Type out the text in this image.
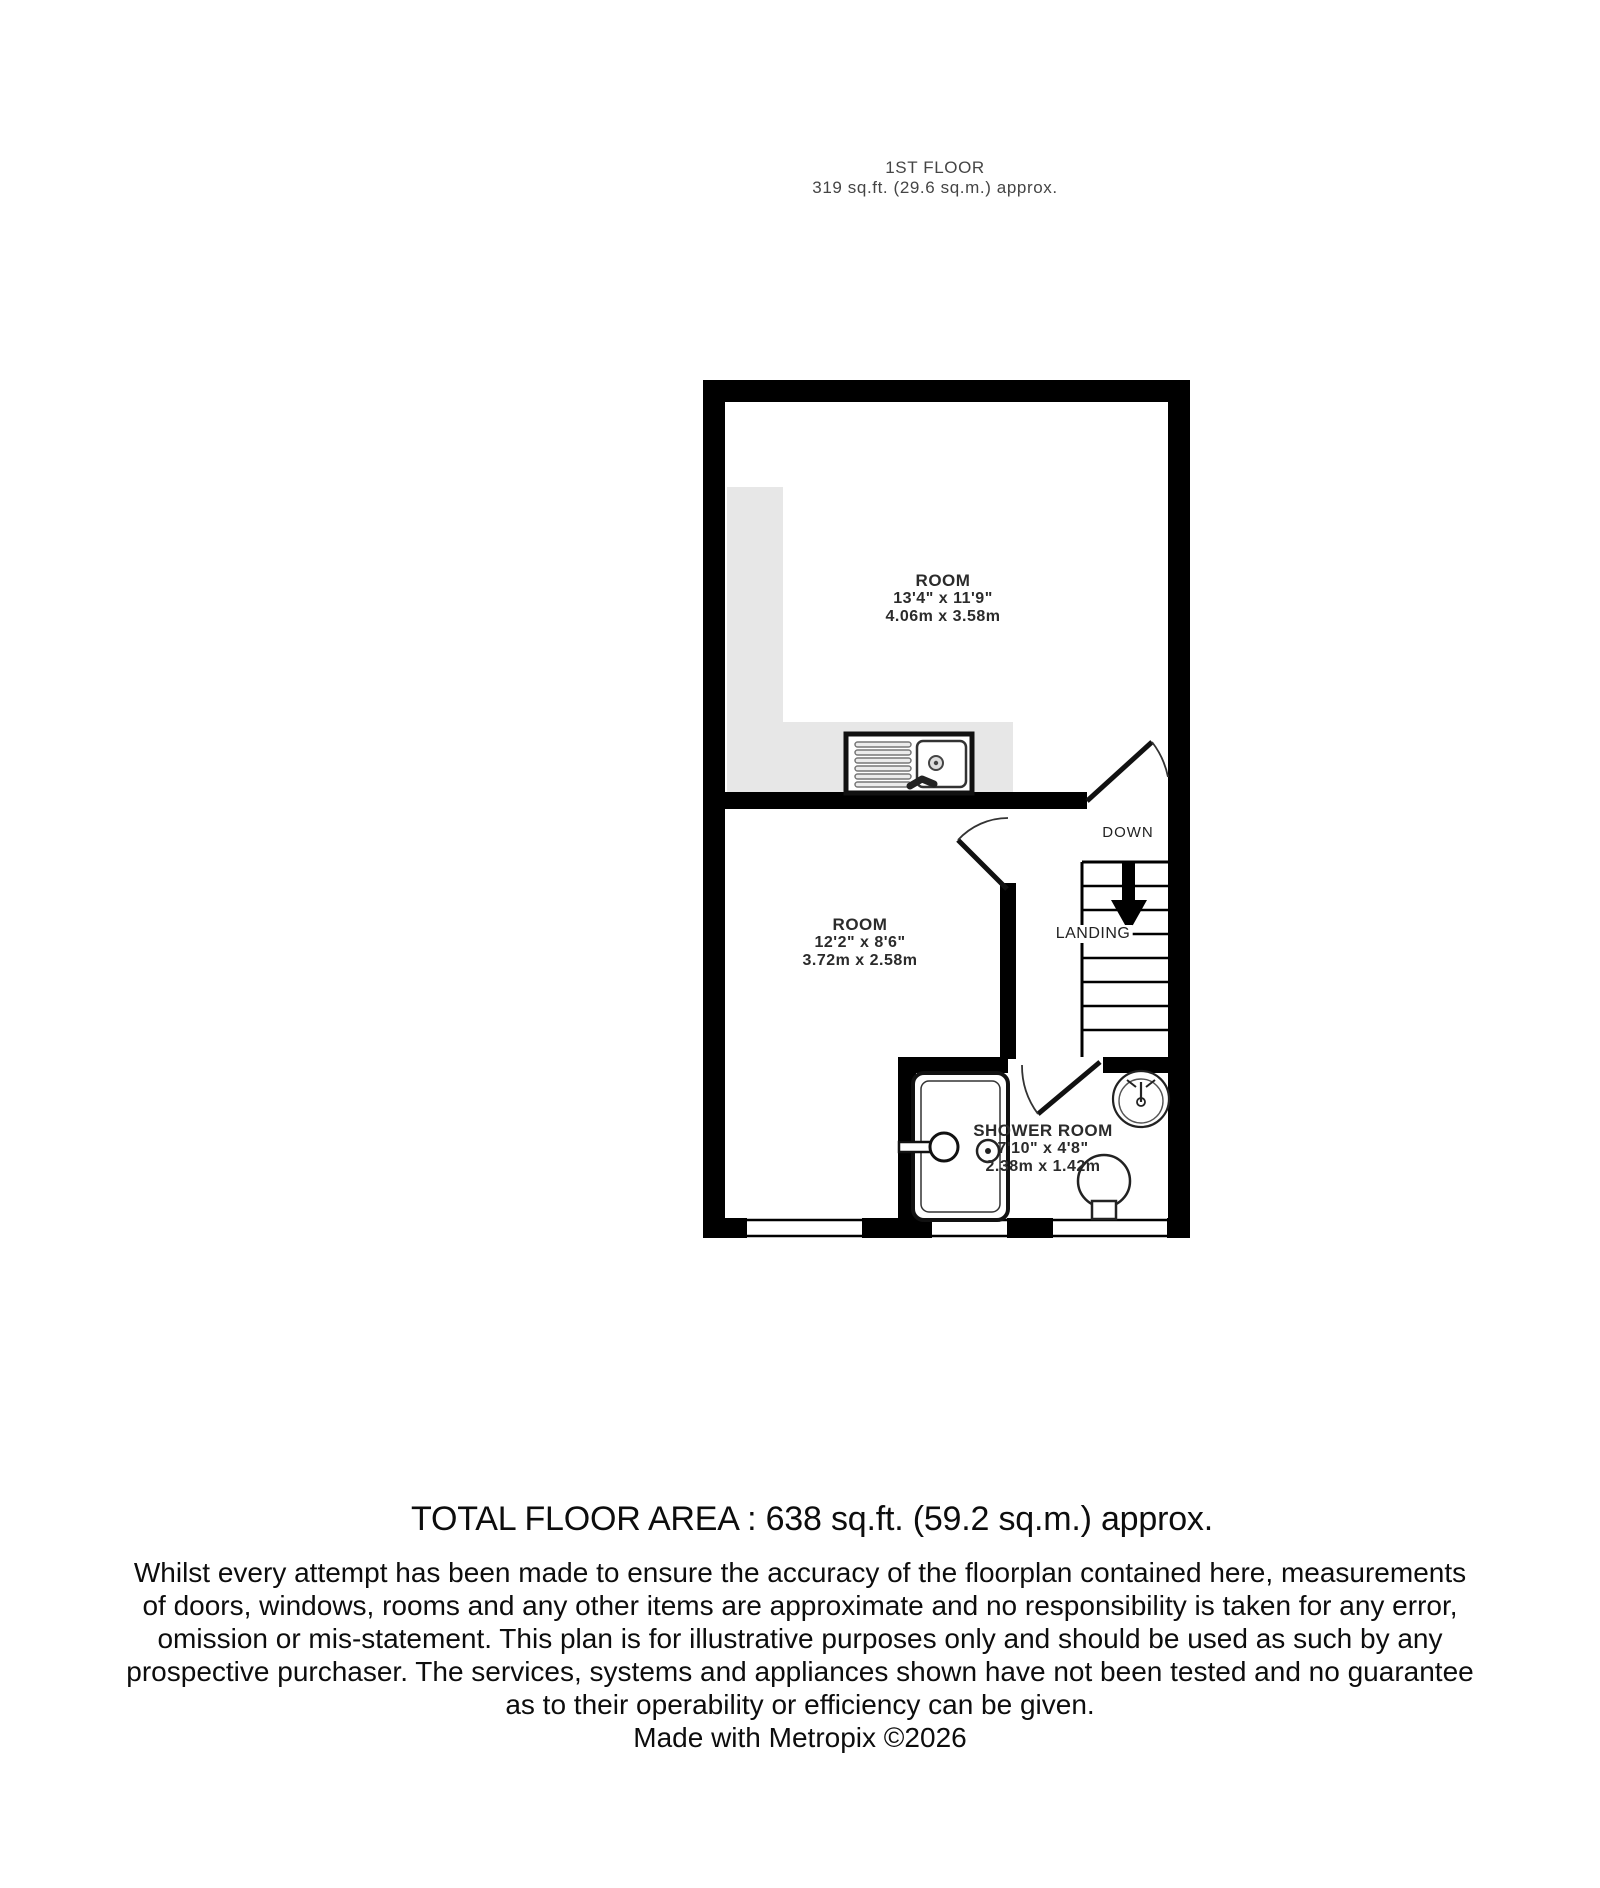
1ST FLOOR
319 sq.ft. (29.6 sq.m.) approx.
ROOM
13'4" x 11'9"
4.06m x 3.58m
ROOM
12'2" x 8'6"
3.72m x 2.58m
SHOWER ROOM
7'10" x 4'8"
2.38m x 1.42m
DOWN
LANDING
TOTAL FLOOR AREA : 638 sq.ft. (59.2 sq.m.) approx.
Whilst every attempt has been made to ensure the accuracy of the floorplan contained here, measurements
of doors, windows, rooms and any other items are approximate and no responsibility is taken for any error,
omission or mis-statement. This plan is for illustrative purposes only and should be used as such by any
prospective purchaser. The services, systems and appliances shown have not been tested and no guarantee
as to their operability or efficiency can be given.
Made with Metropix ©2026
